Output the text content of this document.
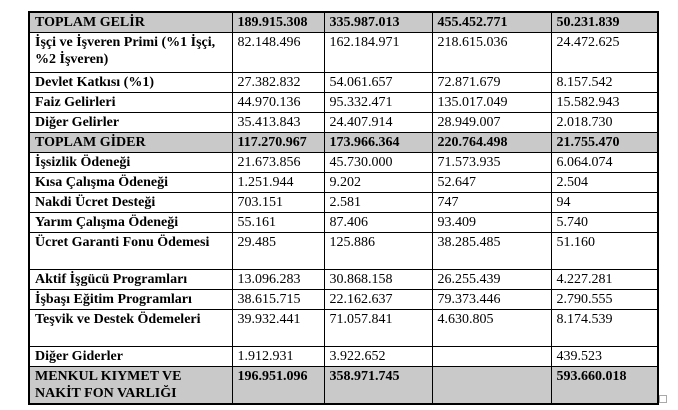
TOPLAM GELİR	189.915.308	335.987.013	455.452.771	50.231.839
İşçi ve İşveren Primi (%1 İşçi, %2 İşveren)	82.148.496	162.184.971	218.615.036	24.472.625
Devlet Katkısı (%1)	27.382.832	54.061.657	72.871.679	8.157.542
Faiz Gelirleri	44.970.136	95.332.471	135.017.049	15.582.943
Diğer Gelirler	35.413.843	24.407.914	28.949.007	2.018.730
TOPLAM GİDER	117.270.967	173.966.364	220.764.498	21.755.470
İşsizlik Ödeneği	21.673.856	45.730.000	71.573.935	6.064.074
Kısa Çalışma Ödeneği	1.251.944	9.202	52.647	2.504
Nakdi Ücret Desteği	703.151	2.581	747	94
Yarım Çalışma Ödeneği	55.161	87.406	93.409	5.740
Ücret Garanti Fonu Ödemesi	29.485	125.886	38.285.485	51.160
Aktif İşgücü Programları	13.096.283	30.868.158	26.255.439	4.227.281
İşbaşı Eğitim Programları	38.615.715	22.162.637	79.373.446	2.790.555
Teşvik ve Destek Ödemeleri	39.932.441	71.057.841	4.630.805	8.174.539
Diğer Giderler	1.912.931	3.922.652		439.523
MENKUL KIYMET VE NAKİT FON VARLIĞI	196.951.096	358.971.745		593.660.018
